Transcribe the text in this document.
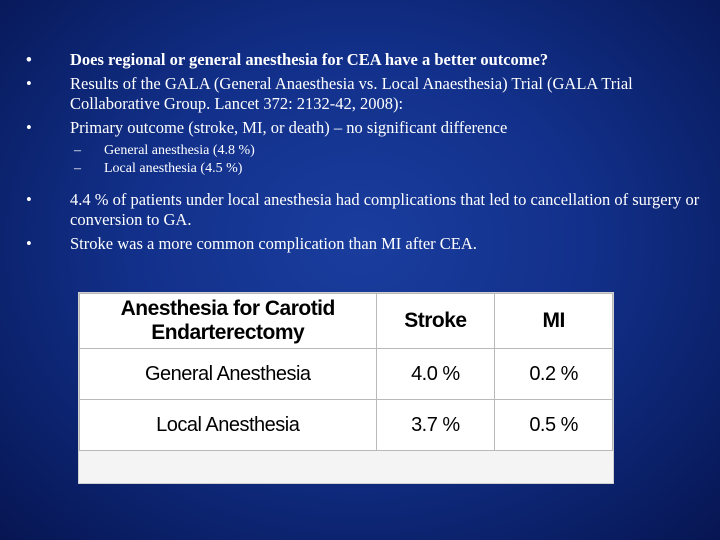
•	Does regional or general anesthesia for CEA have a better outcome?
•	Results of the GALA (General Anaesthesia vs. Local Anaesthesia) Trial (GALA Trial Collaborative Group. Lancet 372: 2132-42, 2008):
•	Primary outcome (stroke, MI, or death) – no significant difference
– General anesthesia (4.8 %)
– Local anesthesia (4.5 %)
•	4.4 % of patients under local anesthesia had complications that led to cancellation of surgery or conversion to GA.
•	Stroke was a more common complication than MI after CEA.
Anesthesia for Carotid Endarterectomy	Stroke	MI
General Anesthesia	4.0 %	0.2 %
Local Anesthesia	3.7 %	0.5 %
